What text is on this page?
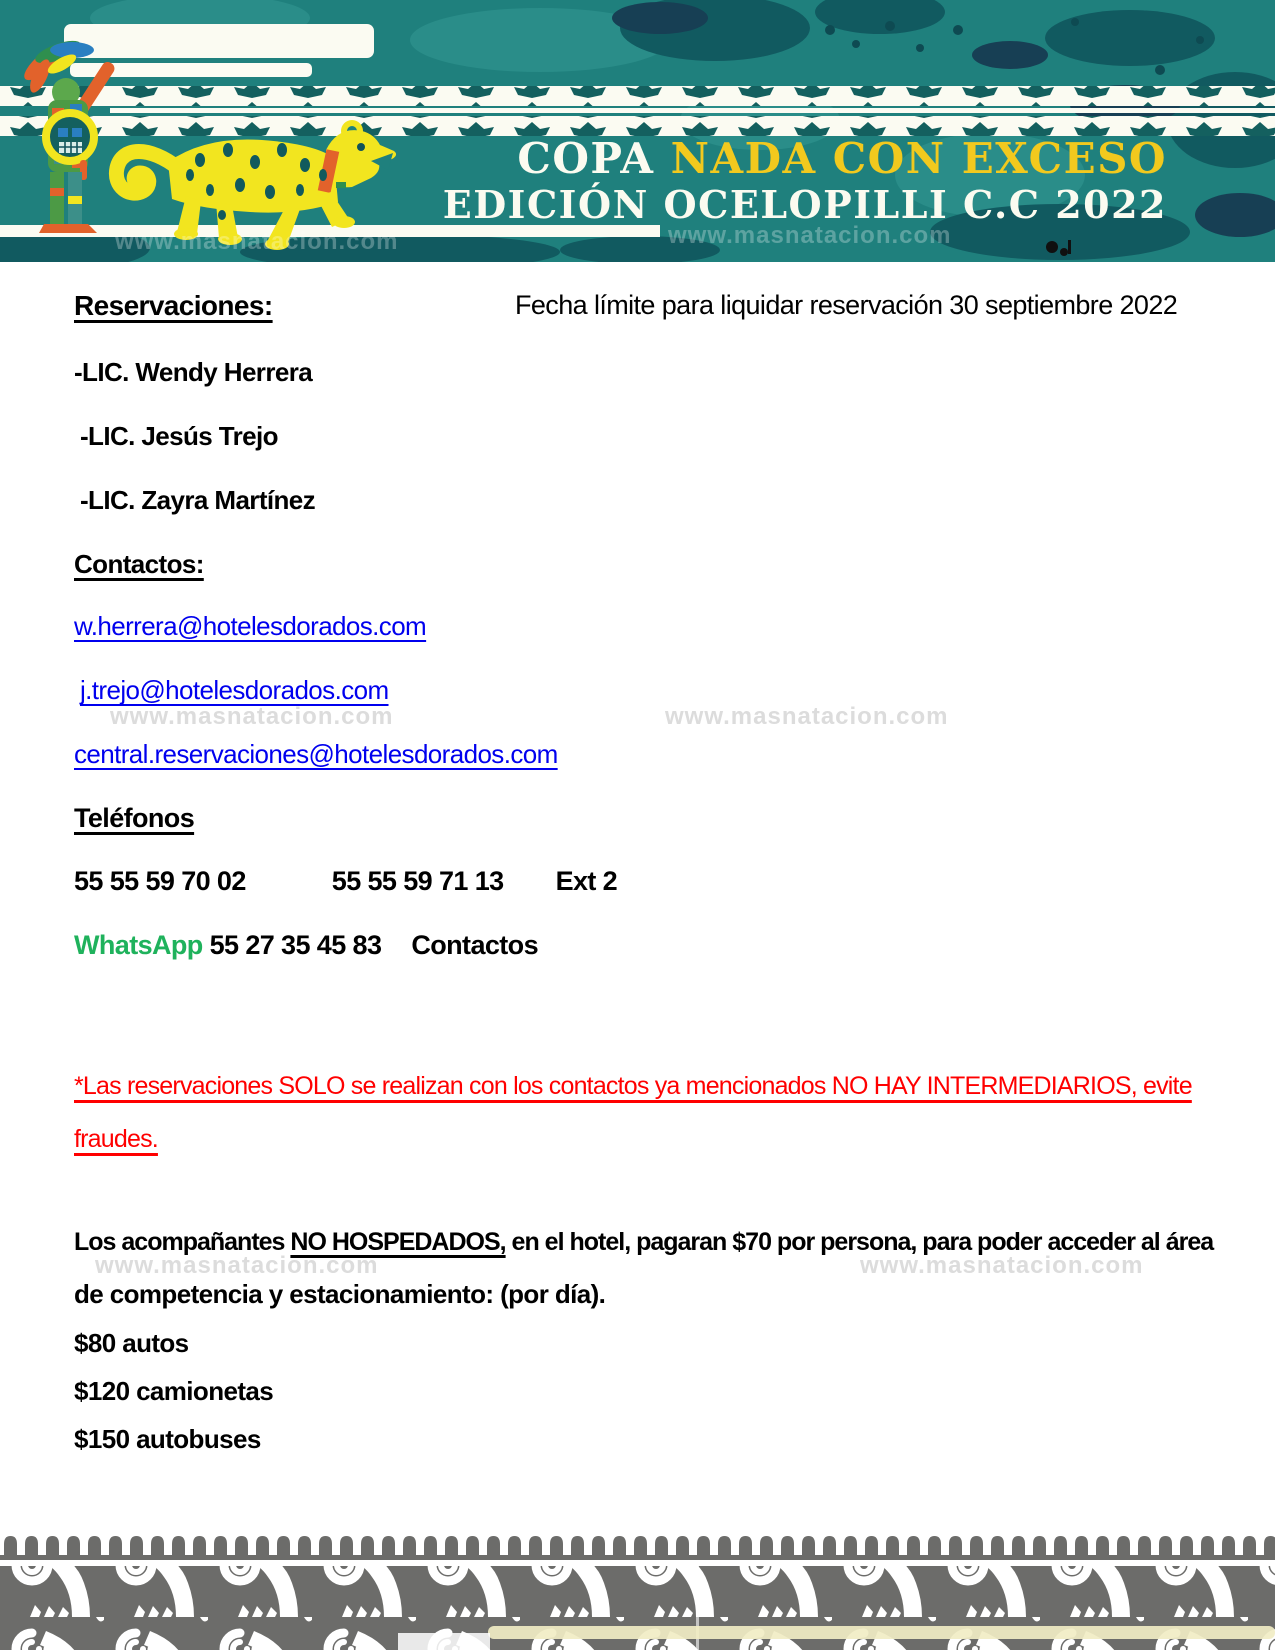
COPA NADA CON EXCESO
EDICIÓN OCELOPILLI C.C 2022
www.masnatacion.com	www.masnatacion.com
Reservaciones:	Fecha límite para liquidar reservación 30 septiembre 2022
-LIC. Wendy Herrera
-LIC. Jesús Trejo
-LIC. Zayra Martínez
Contactos:
w.herrera@hotelesdorados.com
j.trejo@hotelesdorados.com
central.reservaciones@hotelesdorados.com
www.masnatacion.com	www.masnatacion.com
Teléfonos
55 55 59 70 02	55 55 59 71 13 Ext 2
WhatsApp 55 27 35 45 83 Contactos
*Las reservaciones SOLO se realizan con los contactos ya mencionados NO HAY INTERMEDIARIOS, evite
fraudes.
Los acompañantes NO HOSPEDADOS, en el hotel, pagaran $70 por persona, para poder acceder al área
de competencia y estacionamiento: (por día).
www.masnatacion.com	www.masnatacion.com
$80 autos
$120 camionetas
$150 autobuses
